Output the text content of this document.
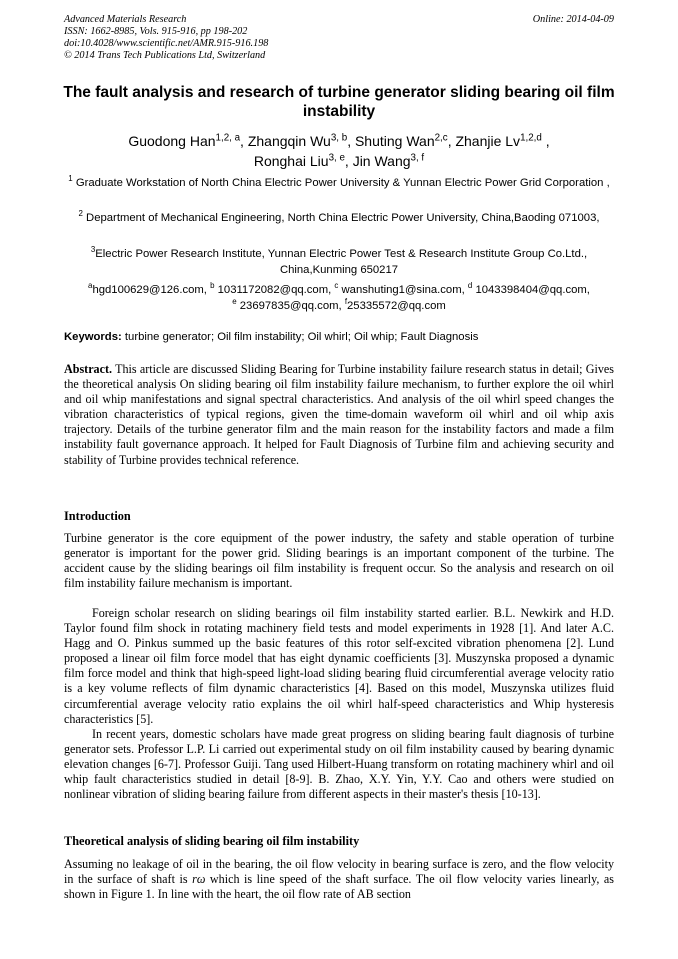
Advanced Materials Research
ISSN: 1662-8985, Vols. 915-916, pp 198-202
doi:10.4028/www.scientific.net/AMR.915-916.198
© 2014 Trans Tech Publications Ltd, Switzerland
Online: 2014-04-09
The fault analysis and research of turbine generator sliding bearing oil film instability
Guodong Han$^{1,2, a}$, Zhangqin Wu$^{3, b}$, Shuting Wan$^{2,c}$, Zhanjie Lv$^{1,2,d}$ ,
Ronghai Liu$^{3, e}$, Jin Wang$^{3, f}$
$^1$ Graduate Workstation of North China Electric Power University & Yunnan Electric Power Grid Corporation ,
$^2$ Department of Mechanical Engineering, North China Electric Power University, China,Baoding 071003,
$^3$Electric Power Research Institute, Yunnan Electric Power Test & Research Institute Group Co.Ltd., China,Kunming 650217
$^a$hgd100629@126.com, $^b$ 1031172082@qq.com, $^c$ wanshuting1@sina.com, $^d$ 1043398404@qq.com,
$^e$ 23697835@qq.com, $^f$25335572@qq.com
Keywords: turbine generator; Oil film instability; Oil whirl; Oil whip; Fault Diagnosis
Abstract. This article are discussed Sliding Bearing for Turbine instability failure research status in detail; Gives the theoretical analysis On sliding bearing oil film instability failure mechanism, to further explore the oil whirl and oil whip manifestations and signal spectral characteristics. And analysis of the oil whirl speed changes the vibration characteristics of typical regions, given the time-domain waveform oil whirl and oil whip axis trajectory. Details of the turbine generator film and the main reason for the instability factors and made a film instability fault governance approach. It helped for Fault Diagnosis of Turbine film and achieving security and stability of Turbine provides technical reference.
Introduction
Turbine generator is the core equipment of the power industry, the safety and stable operation of turbine generator is important for the power grid. Sliding bearings is an important component of the turbine. The accident cause by the sliding bearings oil film instability is frequent occur. So the analysis and research on oil film instability failure mechanism is important.
Foreign scholar research on sliding bearings oil film instability started earlier. B.L. Newkirk and H.D. Taylor found film shock in rotating machinery field tests and model experiments in 1928 [1]. And later A.C. Hagg and O. Pinkus summed up the basic features of this rotor self-excited vibration phenomena [2]. Lund proposed a linear oil film force model that has eight dynamic coefficients [3]. Muszynska proposed a dynamic film force model and think that high-speed light-load sliding bearing fluid circumferential average velocity ratio is a key volume reflects of film dynamic characteristics [4]. Based on this model, Muszynska utilizes fluid circumferential average velocity ratio explains the oil whirl half-speed characteristics and Whip hysteresis characteristics [5].
In recent years, domestic scholars have made great progress on sliding bearing fault diagnosis of turbine generator sets. Professor L.P. Li carried out experimental study on oil film instability caused by bearing dynamic elevation changes [6-7]. Professor Guiji. Tang used Hilbert-Huang transform on rotating machinery whirl and oil whip fault characteristics studied in detail [8-9]. B. Zhao, X.Y. Yin, Y.Y. Cao and others were studied on nonlinear vibration of sliding bearing failure from different aspects in their master's thesis [10-13].
Theoretical analysis of sliding bearing oil film instability
Assuming no leakage of oil in the bearing, the oil flow velocity in bearing surface is zero, and the flow velocity in the surface of shaft is rω which is line speed of the shaft surface. The oil flow velocity varies linearly, as shown in Figure 1. In line with the heart, the oil flow rate of AB section
